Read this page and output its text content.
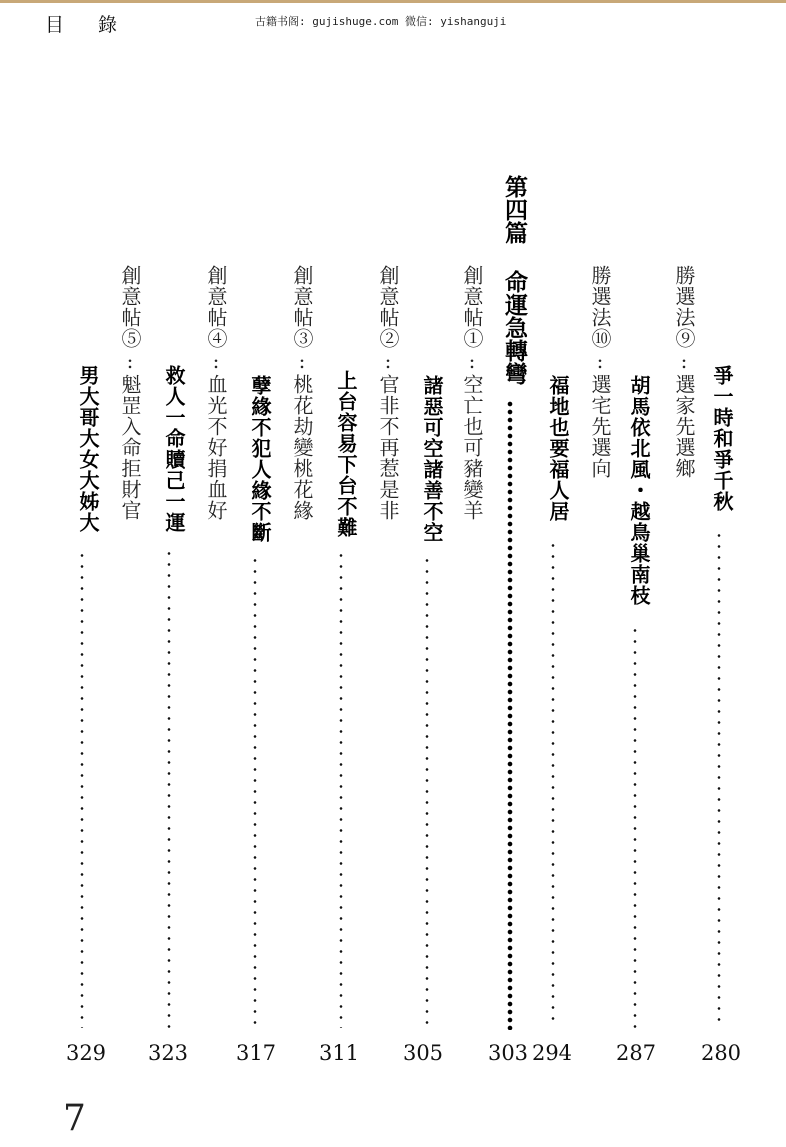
目 錄	古籍书阁: gujishuge.com 微信: yishanguji
爭一時和爭千秋
280
勝選法⑨:選家先選鄉
胡馬依北風・越鳥巢南枝
287
勝選法⑩:選宅先選向
福地也要福人居
294
第四篇 命運急轉彎
303
創意帖①:空亡也可豬變羊
諸惡可空諸善不空
305
創意帖②:官非不再惹是非
上台容易下台不難
311
創意帖③:桃花劫變桃花緣
孽緣不犯人緣不斷
317
創意帖④:血光不好捐血好
救人一命贖己一運
323
創意帖⑤:魁罡入命拒財官
男大哥大女大姊大
329
7
